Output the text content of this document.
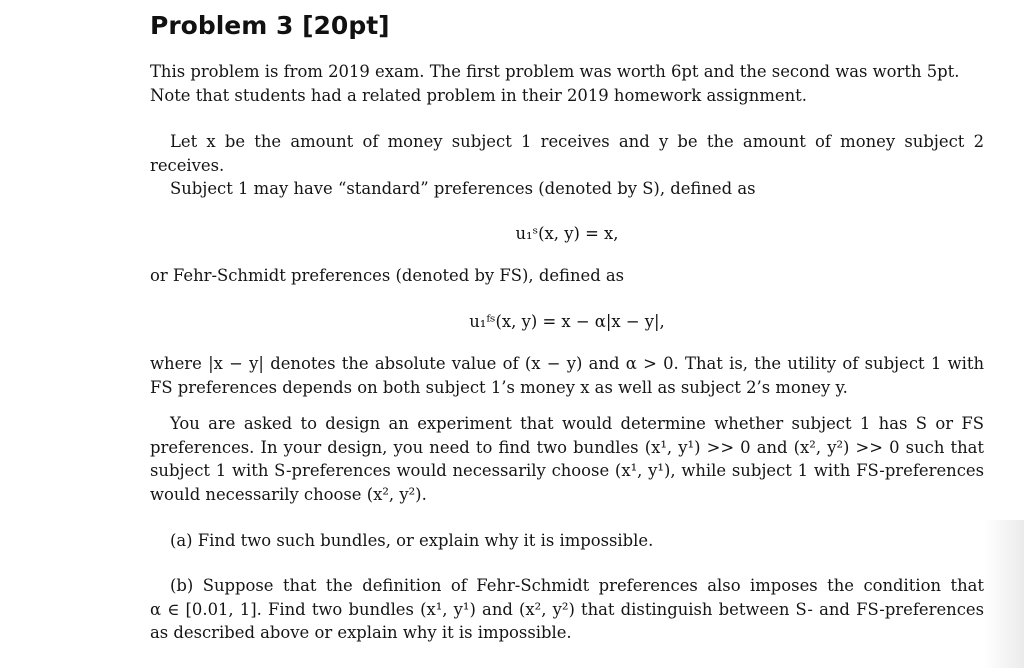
Problem 3 [20pt]

This problem is from 2019 exam. The first problem was worth 6pt and the second was worth 5pt.
Note that students had a related problem in their 2019 homework assignment.

Let x be the amount of money subject 1 receives and y be the amount of money subject 2
receives.
Subject 1 may have “standard” preferences (denoted by S), defined as

u₁ˢ(x, y) = x,

or Fehr-Schmidt preferences (denoted by FS), defined as

u₁ᶠˢ(x, y) = x − α|x − y|,

where |x − y| denotes the absolute value of (x − y) and α > 0. That is, the utility of subject 1 with
FS preferences depends on both subject 1’s money x as well as subject 2’s money y.

You are asked to design an experiment that would determine whether subject 1 has S or FS
preferences. In your design, you need to find two bundles (x¹, y¹) >> 0 and (x², y²) >> 0 such that
subject 1 with S-preferences would necessarily choose (x¹, y¹), while subject 1 with FS-preferences
would necessarily choose (x², y²).

(a) Find two such bundles, or explain why it is impossible.

(b) Suppose that the definition of Fehr-Schmidt preferences also imposes the condition that
α ∈ [0.01, 1]. Find two bundles (x¹, y¹) and (x², y²) that distinguish between S- and FS-preferences
as described above or explain why it is impossible.
